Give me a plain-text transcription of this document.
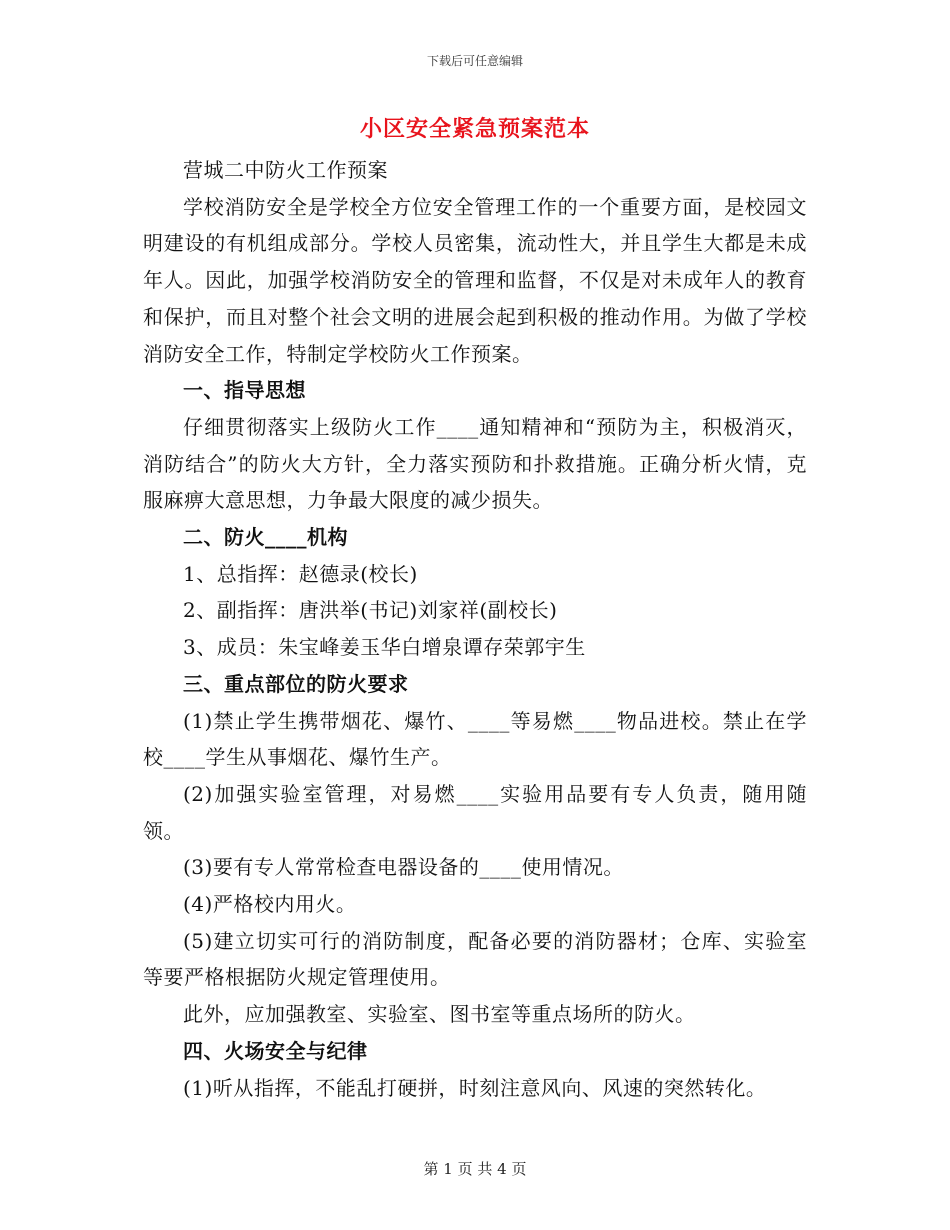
下载后可任意编辑
小区安全紧急预案范本

营城二中防火工作预案

学校消防安全是学校全方位安全管理工作的一个重要方面，是校园文明建设的有机组成部分。学校人员密集，流动性大，并且学生大都是未成年人。因此，加强学校消防安全的管理和监督，不仅是对未成年人的教育和保护，而且对整个社会文明的进展会起到积极的推动作用。为做了学校消防安全工作，特制定学校防火工作预案。

一、指导思想

仔细贯彻落实上级防火工作____通知精神和“预防为主，积极消灭，消防结合”的防火大方针，全力落实预防和扑救措施。正确分析火情，克服麻痹大意思想，力争最大限度的减少损失。

二、防火____机构

1、总指挥：赵德录(校长)

2、副指挥：唐洪举(书记)刘家祥(副校长)

3、成员：朱宝峰姜玉华白增泉谭存荣郭宇生

三、重点部位的防火要求

(1)禁止学生携带烟花、爆竹、____等易燃____物品进校。禁止在学校____学生从事烟花、爆竹生产。

(2)加强实验室管理，对易燃____实验用品要有专人负责，随用随领。

(3)要有专人常常检查电器设备的____使用情况。

(4)严格校内用火。

(5)建立切实可行的消防制度，配备必要的消防器材；仓库、实验室等要严格根据防火规定管理使用。

此外，应加强教室、实验室、图书室等重点场所的防火。

四、火场安全与纪律

(1)听从指挥，不能乱打硬拼，时刻注意风向、风速的突然转化。

第 1 页 共 4 页
